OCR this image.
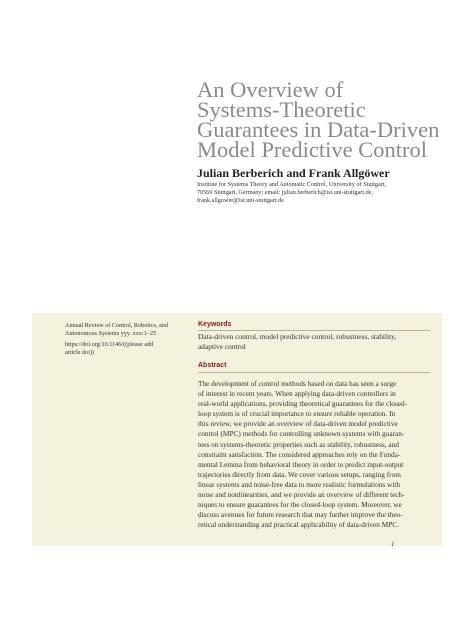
An Overview of
Systems-Theoretic
Guarantees in Data-Driven
Model Predictive Control
Julian Berberich and Frank Allgöwer
Institute for Systems Theory and Automatic Control, University of Stuttgart,
70569 Stuttgart, Germany; email: julian.berberich@ist.uni-stuttgart.de,
frank.allgower@ist.uni-stuttgart.de
Annual Review of Control, Robotics, and
Autonomous Systems yyy. xxx:1–25
https://doi.org/10.1146/((please add
article doi))
Keywords
Data-driven control, model predictive control, robustness, stability,
adaptive control
Abstract
The development of control methods based on data has seen a surge
of interest in recent years. When applying data-driven controllers in
real-world applications, providing theoretical guarantees for the closed-
loop system is of crucial importance to ensure reliable operation. In
this review, we provide an overview of data-driven model predictive
control (MPC) methods for controlling unknown systems with guaran-
tees on systems-theoretic properties such as stability, robustness, and
constraint satisfaction. The considered approaches rely on the Funda-
mental Lemma from behavioral theory in order to predict input-output
trajectories directly from data. We cover various setups, ranging from
linear systems and noise-free data to more realistic formulations with
noise and nonlinearities, and we provide an overview of different tech-
niques to ensure guarantees for the closed-loop system. Moreover, we
discuss avenues for future research that may further improve the theo-
retical understanding and practical applicability of data-driven MPC.
1
